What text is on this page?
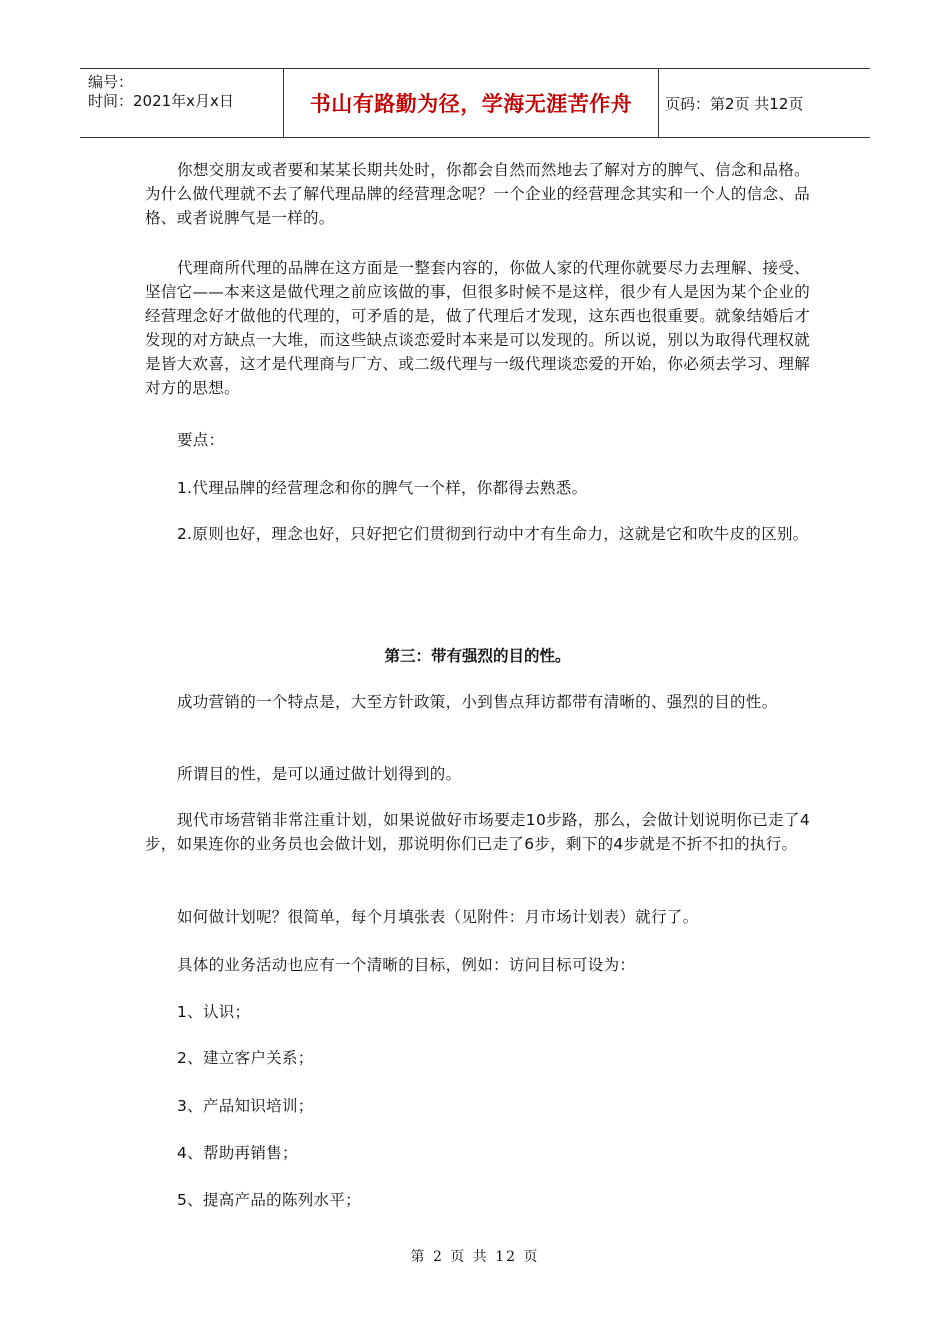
编号：
时间：2021年x月x日	书山有路勤为径，学海无涯苦作舟 页码：第2页 共12页

你想交朋友或者要和某某长期共处时，你都会自然而然地去了解对方的脾气、信念和品格。为什么做代理就不去了解代理品牌的经营理念呢？一个企业的经营理念其实和一个人的信念、品格、或者说脾气是一样的。

代理商所代理的品牌在这方面是一整套内容的，你做人家的代理你就要尽力去理解、接受、坚信它——本来这是做代理之前应该做的事，但很多时候不是这样，很少有人是因为某个企业的经营理念好才做他的代理的，可矛盾的是，做了代理后才发现，这东西也很重要。就象结婚后才发现的对方缺点一大堆，而这些缺点谈恋爱时本来是可以发现的。所以说，别以为取得代理权就是皆大欢喜，这才是代理商与厂方、或二级代理与一级代理谈恋爱的开始，你必须去学习、理解对方的思想。

要点：

1.代理品牌的经营理念和你的脾气一个样，你都得去熟悉。

2.原则也好，理念也好，只好把它们贯彻到行动中才有生命力，这就是它和吹牛皮的区别。

第三：带有强烈的目的性。

成功营销的一个特点是，大至方针政策，小到售点拜访都带有清晰的、强烈的目的性。

所谓目的性，是可以通过做计划得到的。

现代市场营销非常注重计划，如果说做好市场要走10步路，那么，会做计划说明你已走了4步，如果连你的业务员也会做计划，那说明你们已走了6步，剩下的4步就是不折不扣的执行。

如何做计划呢？很简单，每个月填张表（见附件：月市场计划表）就行了。

具体的业务活动也应有一个清晰的目标，例如：访问目标可设为：

1、认识；

2、建立客户关系；

3、产品知识培训；

4、帮助再销售；

5、提高产品的陈列水平；

第 2 页 共 12 页
